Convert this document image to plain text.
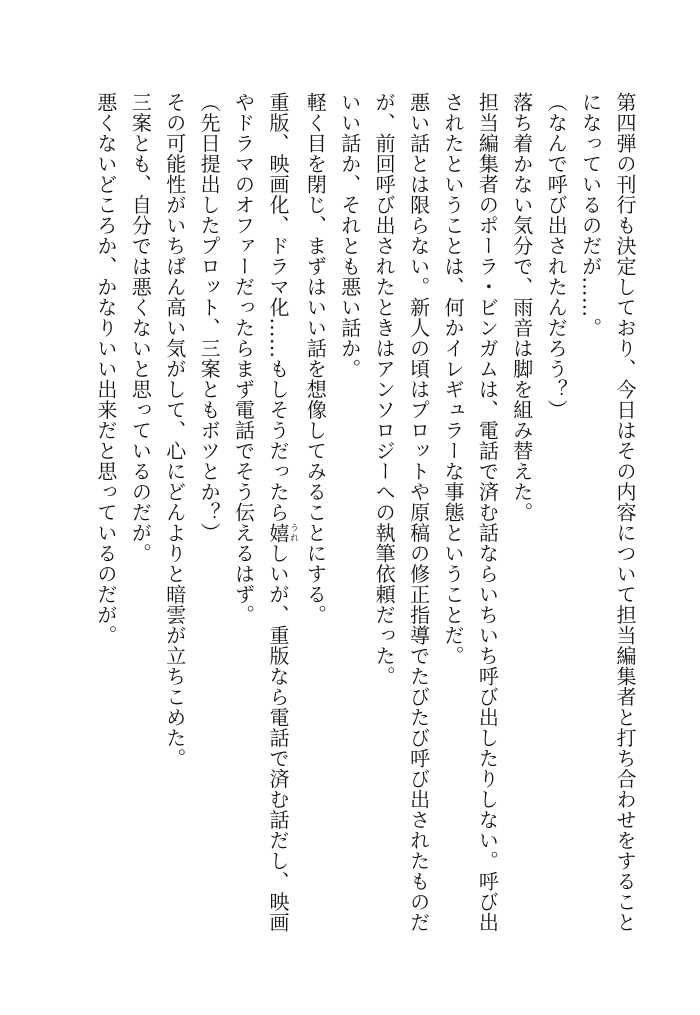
第四弾の刊行も決定しており、今日はその内容について担当編集者と打ち合わせをすること
になっているのだが……。
（なんで呼び出されたんだろう？）
落ち着かない気分で、雨音は脚を組み替えた。
担当編集者のポーラ・ビンガムは、電話で済む話ならいちいち呼び出したりしない。呼び出
されたということは、何かイレギュラーな事態ということだ。
悪い話とは限らない。新人の頃はプロットや原稿の修正指導でたびたび呼び出されたものだ
が、前回呼び出されたときはアンソロジーへの執筆依頼だった。
いい話か、それとも悪い話か。
軽く目を閉じ、まずはいい話を想像してみることにする。
重版、映画化、ドラマ化……もしそうだったら嬉うれしいが、重版なら電話で済む話だし、映画
やドラマのオファーだったらまず電話でそう伝えるはず。
（先日提出したプロット、三案ともボツとか？）
その可能性がいちばん高い気がして、心にどんよりと暗雲が立ちこめた。
三案とも、自分では悪くないと思っているのだが。
悪くないどころか、かなりいい出来だと思っているのだが。
